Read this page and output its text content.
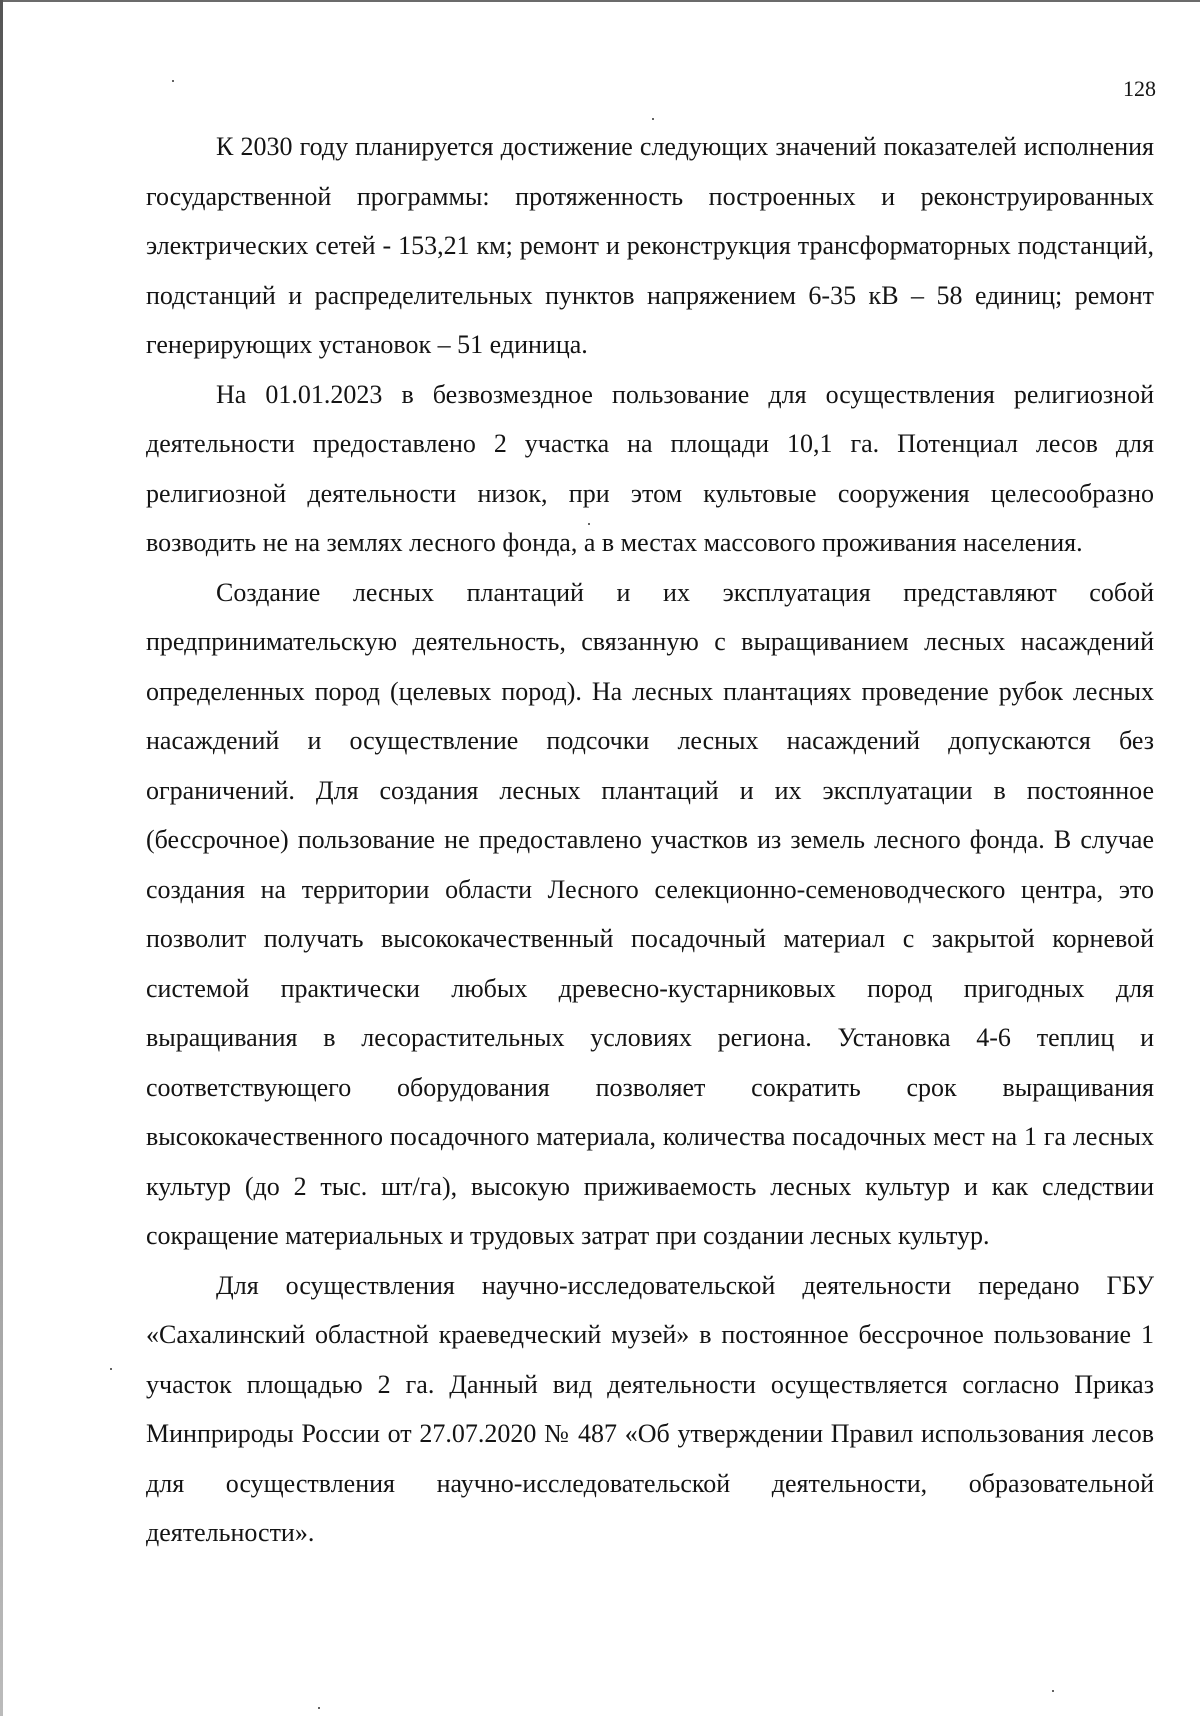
128

К 2030 году планируется достижение следующих значений показателей исполнения государственной программы: протяженность построенных и реконструированных электрических сетей - 153,21 км; ремонт и реконструкция трансформаторных подстанций, подстанций и распределительных пунктов напряжением 6-35 кВ – 58 единиц; ремонт генерирующих установок – 51 единица.

На 01.01.2023 в безвозмездное пользование для осуществления религиозной деятельности предоставлено 2 участка на площади 10,1 га. Потенциал лесов для религиозной деятельности низок, при этом культовые сооружения целесообразно возводить не на землях лесного фонда, а в местах массового проживания населения.

Создание лесных плантаций и их эксплуатация представляют собой предпринимательскую деятельность, связанную с выращиванием лесных насаждений определенных пород (целевых пород). На лесных плантациях проведение рубок лесных насаждений и осуществление подсочки лесных насаждений допускаются без ограничений. Для создания лесных плантаций и их эксплуатации в постоянное (бессрочное) пользование не предоставлено участков из земель лесного фонда. В случае создания на территории области Лесного селекционно-семеноводческого центра, это позволит получать высококачественный посадочный материал с закрытой корневой системой практически любых древесно-кустарниковых пород пригодных для выращивания в лесорастительных условиях региона. Установка 4-6 теплиц и соответствующего оборудования позволяет сократить срок выращивания высококачественного посадочного материала, количества посадочных мест на 1 га лесных культур (до 2 тыс. шт/га), высокую приживаемость лесных культур и как следствии сокращение материальных и трудовых затрат при создании лесных культур.

Для осуществления научно-исследовательской деятельности передано ГБУ «Сахалинский областной краеведческий музей» в постоянное бессрочное пользование 1 участок площадью 2 га. Данный вид деятельности осуществляется согласно Приказ Минприроды России от 27.07.2020 № 487 «Об утверждении Правил использования лесов для осуществления научно-исследовательской деятельности, образовательной деятельности».
